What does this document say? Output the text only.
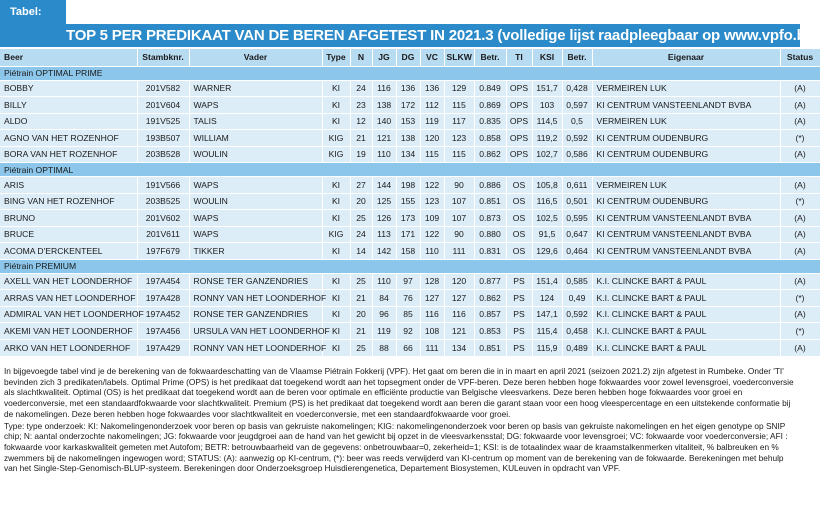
Tabel:
TOP 5 PER PREDIKAAT VAN DE BEREN AFGETEST IN 2021.3 (volledige lijst raadpleegbaar op www.vpfo.be)
Beer	Stambknr.	Vader	Type	N	JG	DG	VC	SLKW	Betr.	TI	KSI	Betr.	Eigenaar	Status
Piétrain OPTIMAL PRIME														
BOBBY	201V582	WARNER	KI	24	116	136	136	129	0.849	OPS	151,7	0,428	VERMEIREN LUK	(A)
BILLY	201V604	WAPS	KI	23	138	172	112	115	0.869	OPS	103	0,597	KI CENTRUM VANSTEENLANDT BVBA	(A)
ALDO	191V525	TALIS	KI	12	140	153	119	117	0.835	OPS	114,5	0,5	VERMEIREN LUK	(A)
AGNO VAN HET ROZENHOF	193B507	WILLIAM	KIG	21	121	138	120	123	0.858	OPS	119,2	0,592	KI CENTRUM OUDENBURG	(*)
BORA VAN HET ROZENHOF	203B528	WOULIN	KIG	19	110	134	115	115	0.862	OPS	102,7	0,586	KI CENTRUM OUDENBURG	(A)
Piétrain OPTIMAL														
ARIS	191V566	WAPS	KI	27	144	198	122	90	0.886	OS	105,8	0,611	VERMEIREN LUK	(A)
BING VAN HET ROZENHOF	203B525	WOULIN	KI	20	125	155	123	107	0.851	OS	116,5	0,501	KI CENTRUM OUDENBURG	(*)
BRUNO	201V602	WAPS	KI	25	126	173	109	107	0.873	OS	102,5	0,595	KI CENTRUM VANSTEENLANDT BVBA	(A)
BRUCE	201V611	WAPS	KIG	24	113	171	122	90	0.880	OS	91,5	0,647	KI CENTRUM VANSTEENLANDT BVBA	(A)
ACOMA D'ERCKENTEEL	197F679	TIKKER	KI	14	142	158	110	111	0.831	OS	129,6	0,464	KI CENTRUM VANSTEENLANDT BVBA	(A)
Piétrain PREMIUM														
AXELL VAN HET LOONDERHOF	197A454	RONSE TER GANZENDRIES	KI	25	110	97	128	120	0.877	PS	151,4	0,585	K.I. CLINCKE BART & PAUL	(A)
ARRAS VAN HET LOONDERHOF	197A428	RONNY VAN HET LOONDERHOF	KI	21	84	76	127	127	0.862	PS	124	0,49	K.I. CLINCKE BART & PAUL	(*)
ADMIRAL VAN HET LOONDERHOF	197A452	RONSE TER GANZENDRIES	KI	20	96	85	116	116	0.857	PS	147,1	0,592	K.I. CLINCKE BART & PAUL	(A)
AKEMI VAN HET LOONDERHOF	197A456	URSULA VAN HET LOONDERHOF	KI	21	119	92	108	121	0.853	PS	115,4	0,458	K.I. CLINCKE BART & PAUL	(*)
ARKO VAN HET LOONDERHOF	197A429	RONNY VAN HET LOONDERHOF	KI	25	88	66	111	134	0.851	PS	115,9	0,489	K.I. CLINCKE BART & PAUL	(A)

In bijgevoegde tabel vind je de berekening van de fokwaardeschatting van de Vlaamse Piétrain Fokkerij (VPF). Het gaat om beren die in in maart en april 2021 (seizoen 2021.2) zijn afgetest in Rumbeke. Onder 'TI' bevinden zich 3 predikaten/labels. Optimal Prime (OPS) is het predikaat dat toegekend wordt aan het topsegment onder de VPF-beren. Deze beren hebben hoge fokwaardes voor zowel levensgroei, voederconversie als slachtkwaliteit. Optimal (OS) is het predikaat dat toegekend wordt aan de beren voor optimale en efficiënte productie van Belgische vleesvarkens. Deze beren hebben hoge fokwaardes voor groei en voederconversie, met een standaardfokwaarde voor slachtkwaliteit. Premium (PS) is het predikaat dat toegekend wordt aan beren die garant staan voor een hoog vleespercentage en een uitstekende conformatie bij de nakomelingen. Deze beren hebben hoge fokwaardes voor slachtkwaliteit en voederconversie, met een standaardfokwaarde voor groei.

Type: type onderzoek: KI: Nakomelingenonderzoek voor beren op basis van gekruiste nakomelingen; KIG: nakomelingenonderzoek voor beren op basis van gekruiste nakomelingen en het eigen genotype op SNIP chip; N: aantal onderzochte nakomelingen; JG: fokwaarde voor jeugdgroei aan de hand van het gewicht bij opzet in de vleesvarkensstal; DG: fokwaarde voor levensgroei; VC: fokwaarde voor voederconversie; AFI : fokwaarde voor karkaskwaliteit gemeten met Autofom; BETR: betrouwbaarheid van de gegevens: onbetrouwbaar=0, zekerheid=1; KSI: is de totaalindex waar de kraamstalkenmerken vitaliteit, % balbreuken en % zwemmers bij de nakomelingen ingewogen word; STATUS: (A): aanwezig op KI-centrum, (*): beer was reeds verwijderd van KI-centrum op moment van de berekening van de fokwaarde. Berekeningen met behulp van het Single-Step-Genomisch-BLUP-systeem. Berekeningen door Onderzoeksgroep Huisdierengenetica, Departement Biosystemen, KULeuven in opdracht van VPF.
